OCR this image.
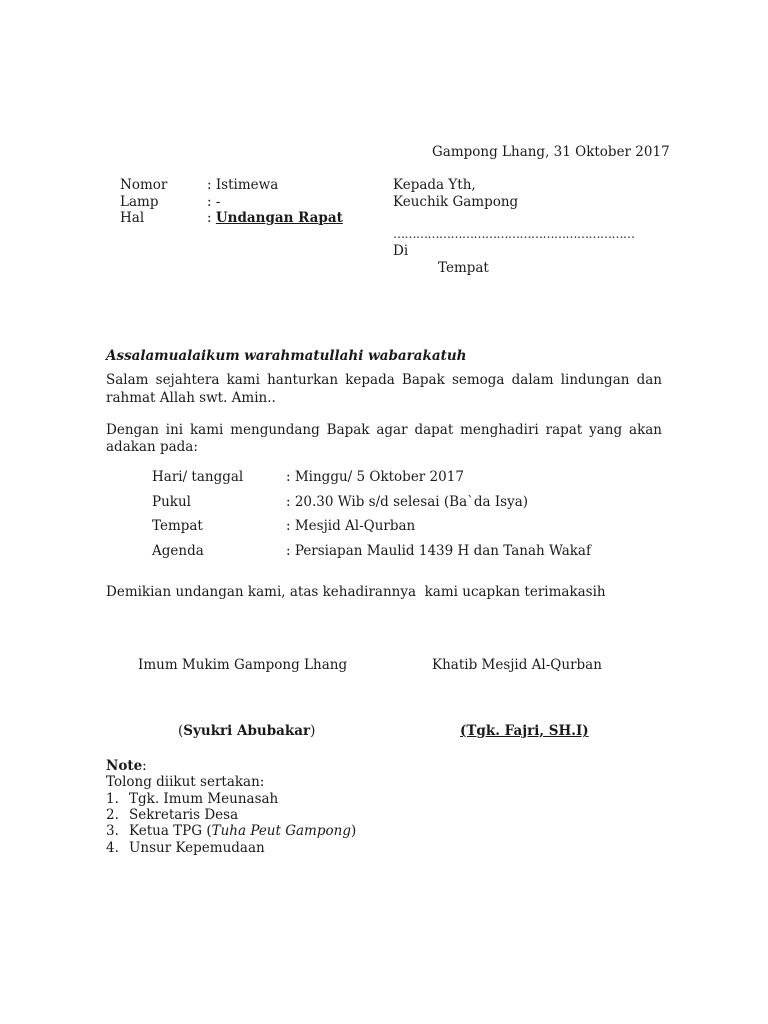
Gampong Lhang, 31 Oktober 2017
Nomor	: Istimewa
Lamp	: -
Hal	: Undangan Rapat
Kepada Yth,
Keuchik Gampong
………………………………………………………
Di
Tempat
Assalamualaikum warahmatullahi wabarakatuh
Salam sejahtera kami hanturkan kepada Bapak semoga dalam lindungan dan
rahmat Allah swt. Amin..
Dengan ini kami mengundang Bapak agar dapat menghadiri rapat yang akan
adakan pada:
Hari/ tanggal	: Minggu/ 5 Oktober 2017
Pukul	: 20.30 Wib s/d selesai (Ba`da Isya)
Tempat	: Mesjid Al-Qurban
Agenda	: Persiapan Maulid 1439 H dan Tanah Wakaf
Demikian undangan kami, atas kehadirannya  kami ucapkan terimakasih
Imum Mukim Gampong Lhang	Khatib Mesjid Al-Qurban
(Syukri Abubakar)	(Tgk. Fajri, SH.I)
Note:
Tolong diikut sertakan:
1. Tgk. Imum Meunasah
2. Sekretaris Desa
3. Ketua TPG (Tuha Peut Gampong)
4. Unsur Kepemudaan
